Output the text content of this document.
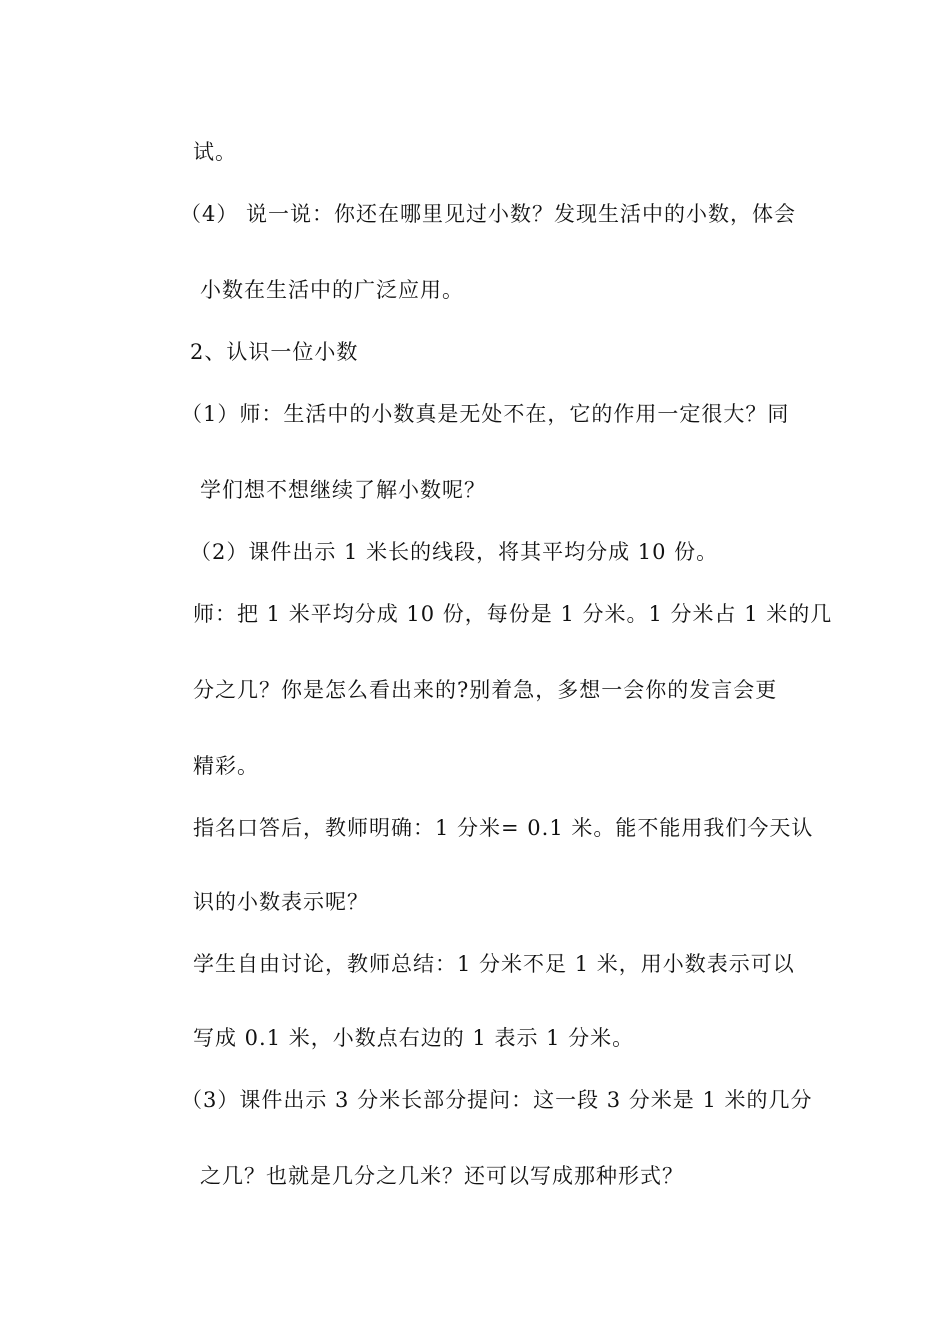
试。
（4） 说一说：你还在哪里见过小数？发现生活中的小数，体会
小数在生活中的广泛应用。
2、认识一位小数
（1）师：生活中的小数真是无处不在，它的作用一定很大？同
学们想不想继续了解小数呢？
（2）课件出示 1 米长的线段，将其平均分成 10 份。
师：把 1 米平均分成 10 份，每份是 1 分米。1 分米占 1 米的几
分之几？你是怎么看出来的?别着急，多想一会你的发言会更
精彩。
指名口答后，教师明确：1 分米= 0.1 米。能不能用我们今天认
识的小数表示呢？
学生自由讨论，教师总结：1 分米不足 1 米，用小数表示可以
写成 0.1 米，小数点右边的 1 表示 1 分米。
（3）课件出示 3 分米长部分提问：这一段 3 分米是 1 米的几分
之几？也就是几分之几米？还可以写成那种形式？
